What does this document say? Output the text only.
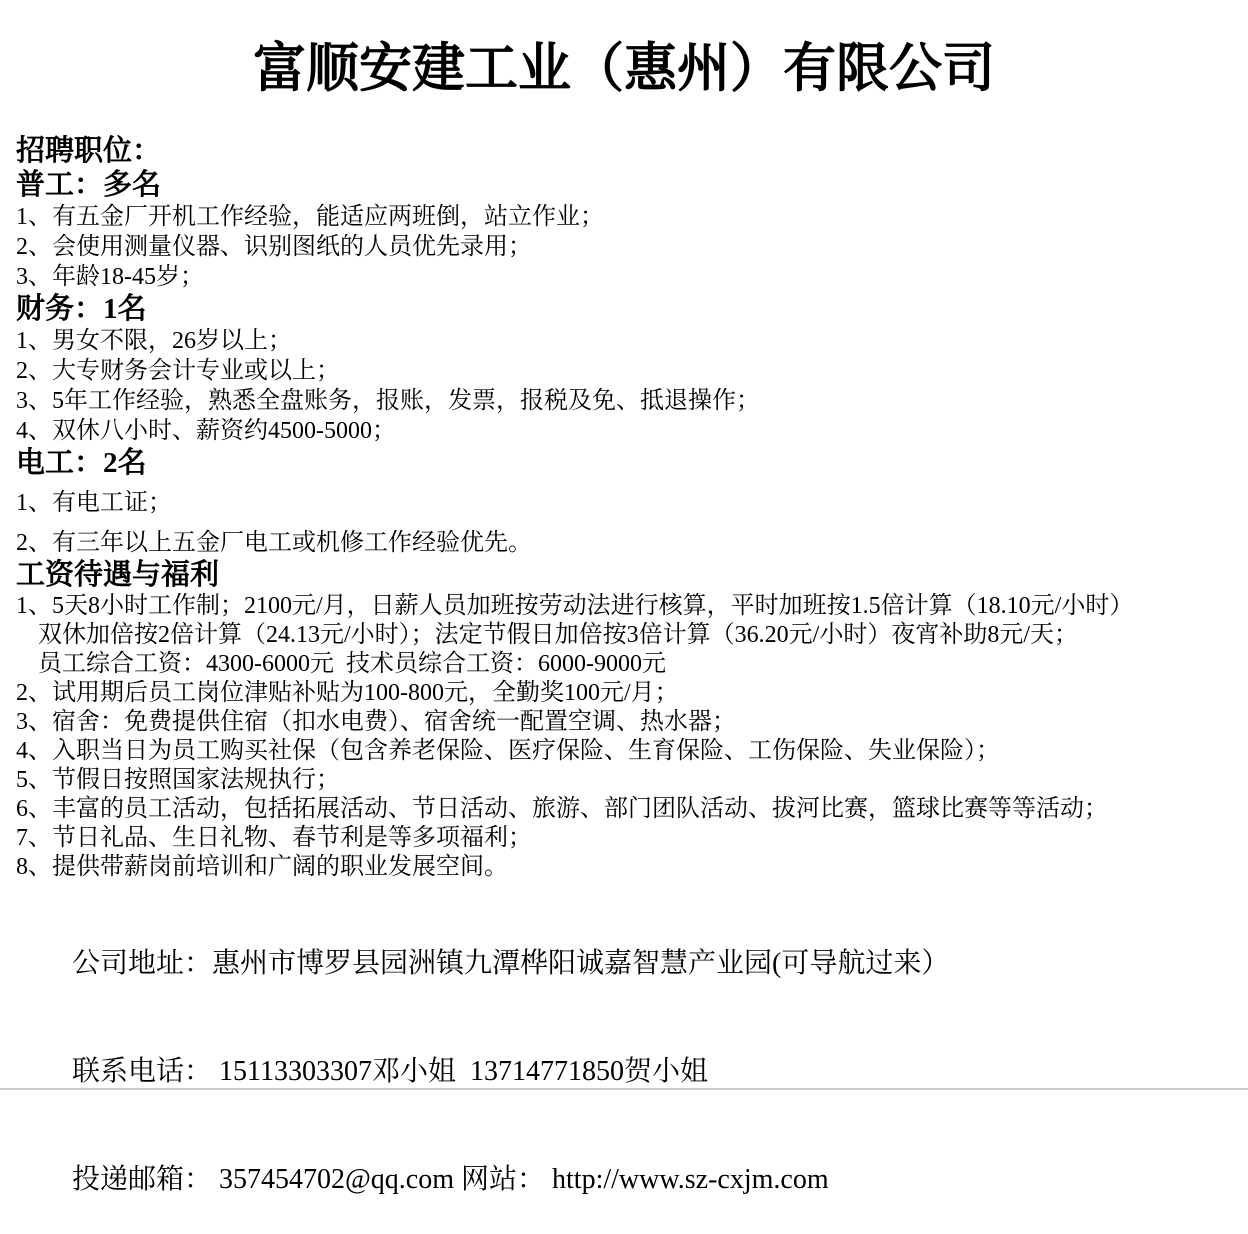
富顺安建工业（惠州）有限公司
招聘职位：
普工：多名
1、有五金厂开机工作经验，能适应两班倒，站立作业；
2、会使用测量仪器、识别图纸的人员优先录用；
3、年龄18-45岁；
财务：1名
1、男女不限，26岁以上；
2、大专财务会计专业或以上；
3、5年工作经验，熟悉全盘账务，报账，发票，报税及免、抵退操作；
4、双休八小时、薪资约4500-5000；
电工：2名
1、有电工证；
2、有三年以上五金厂电工或机修工作经验优先。
工资待遇与福利
1、5天8小时工作制；2100元/月，日薪人员加班按劳动法进行核算，平时加班按1.5倍计算（18.10元/小时）
双休加倍按2倍计算（24.13元/小时）；法定节假日加倍按3倍计算（36.20元/小时）夜宵补助8元/天；
员工综合工资：4300-6000元  技术员综合工资：6000-9000元
2、试用期后员工岗位津贴补贴为100-800元，全勤奖100元/月；
3、宿舍：免费提供住宿（扣水电费）、宿舍统一配置空调、热水器；
4、入职当日为员工购买社保（包含养老保险、医疗保险、生育保险、工伤保险、失业保险）；
5、节假日按照国家法规执行；
6、丰富的员工活动，包括拓展活动、节日活动、旅游、部门团队活动、拔河比赛，篮球比赛等等活动；
7、节日礼品、生日礼物、春节利是等多项福利；
8、提供带薪岗前培训和广阔的职业发展空间。

公司地址：惠州市博罗县园洲镇九潭桦阳诚嘉智慧产业园(可导航过来）

联系电话： 15113303307邓小姐  13714771850贺小姐

投递邮箱： 357454702@qq.com 网站： http://www.sz-cxjm.com
